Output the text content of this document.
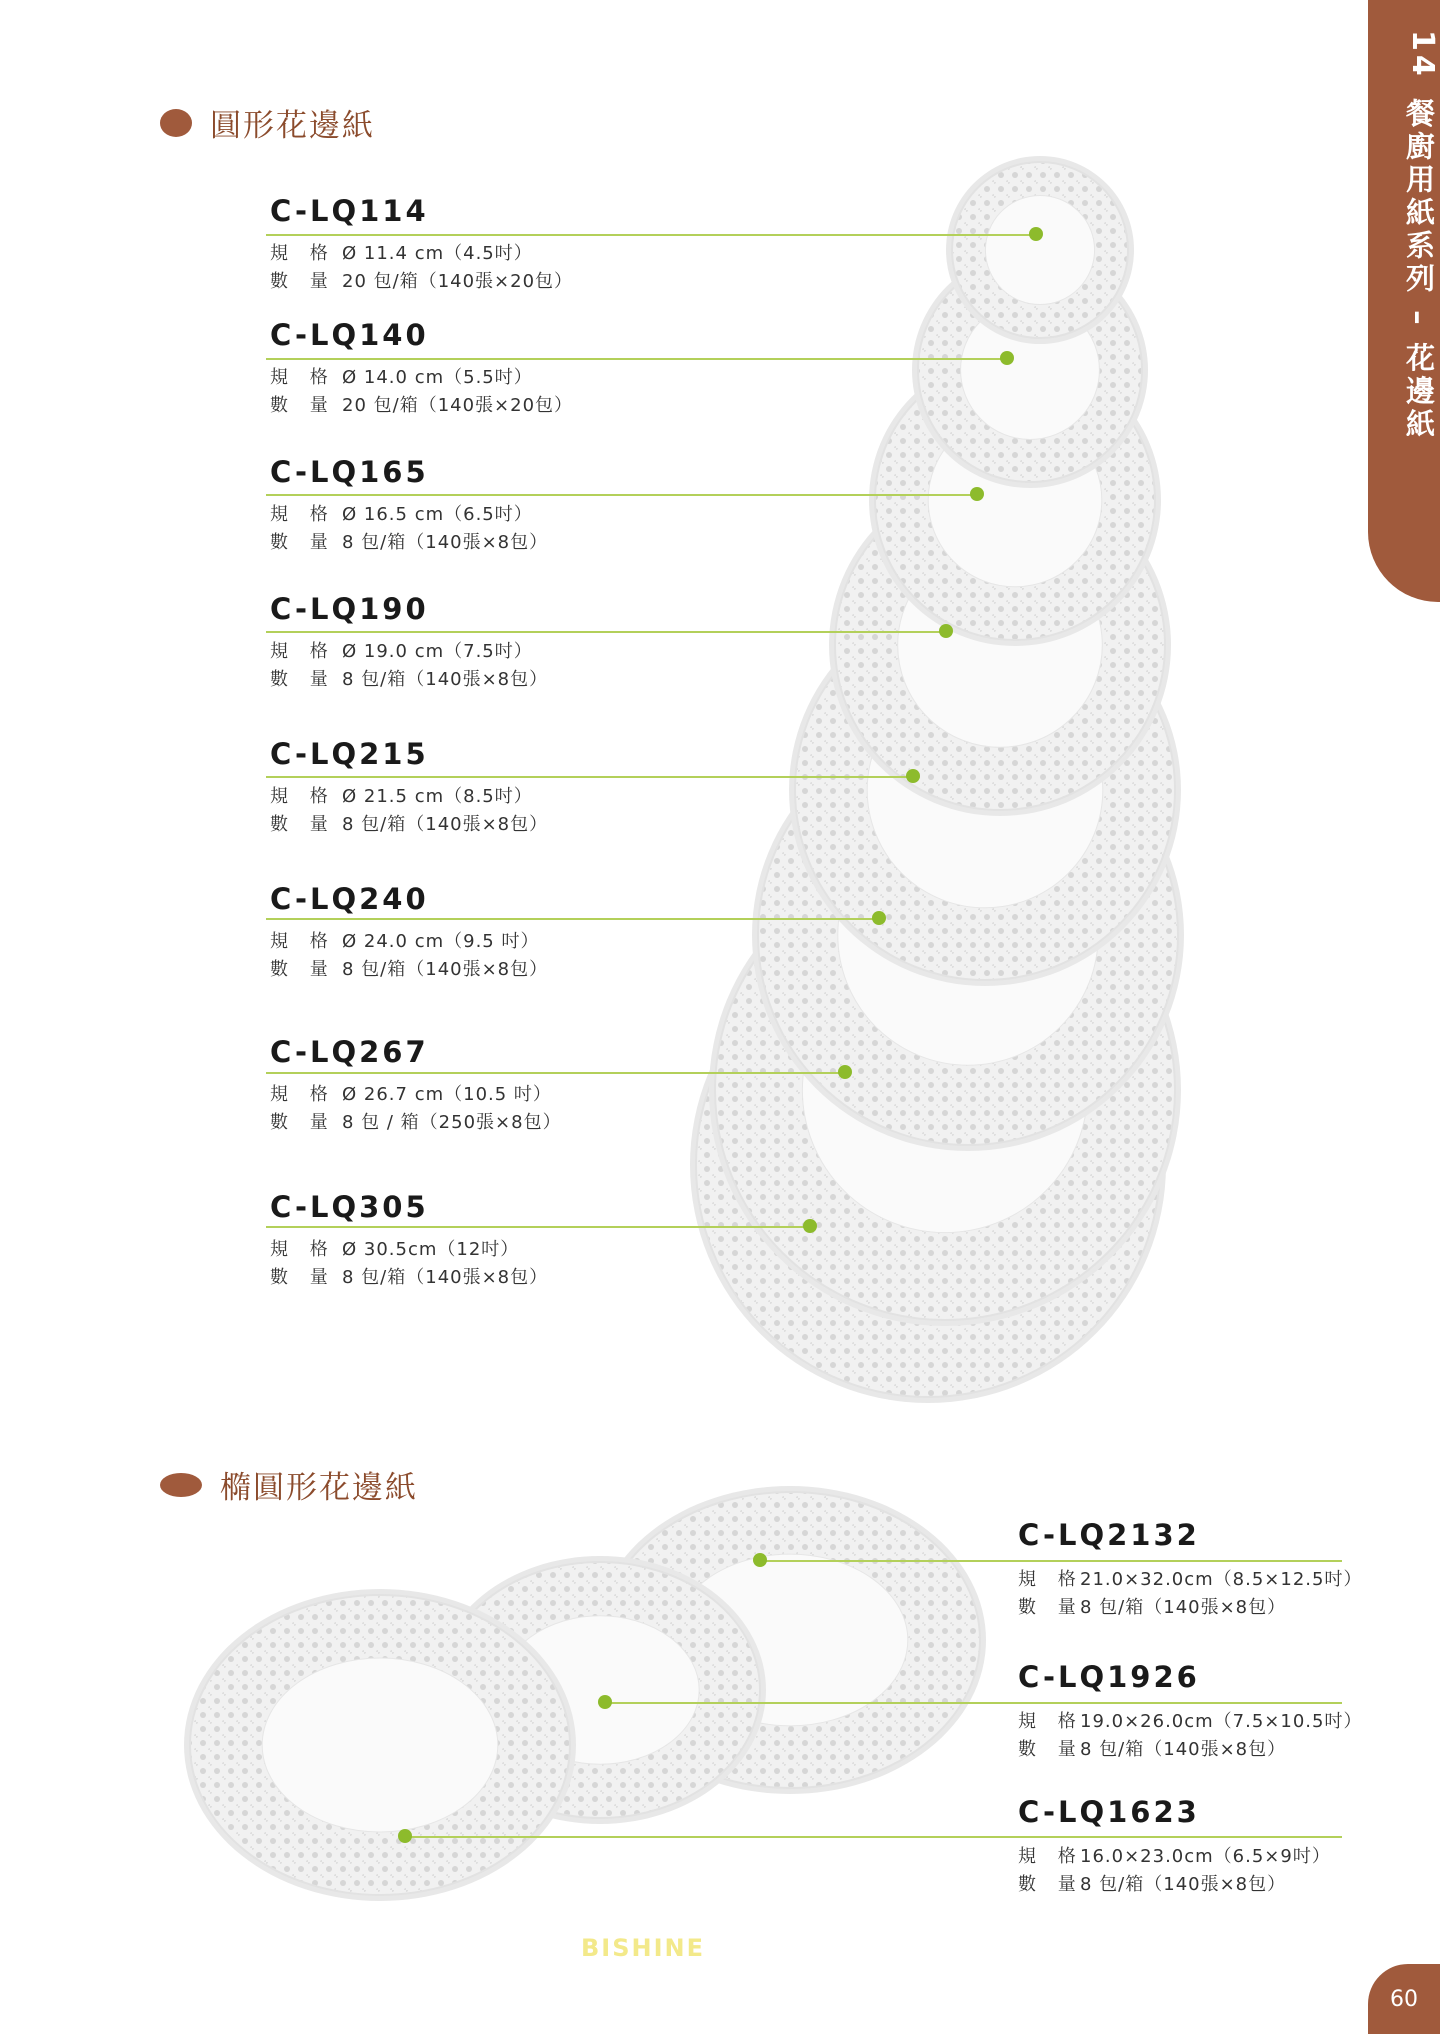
14
餐廚用紙系列 – 花邊紙
圓形花邊紙
C-LQ114
規 格 Ø 11.4 cm（4.5吋）
數 量 20 包/箱（140張×20包）
C-LQ140
規 格 Ø 14.0 cm（5.5吋）
數 量 20 包/箱（140張×20包）
C-LQ165
規 格 Ø 16.5 cm（6.5吋）
數 量 8 包/箱（140張×8包）
C-LQ190
規 格 Ø 19.0 cm（7.5吋）
數 量 8 包/箱（140張×8包）
C-LQ215
規 格 Ø 21.5 cm（8.5吋）
數 量 8 包/箱（140張×8包）
C-LQ240
規 格 Ø 24.0 cm（9.5 吋）
數 量 8 包/箱（140張×8包）
C-LQ267
規 格 Ø 26.7 cm（10.5 吋）
數 量 8 包 / 箱（250張×8包）
C-LQ305
規 格 Ø 30.5cm（12吋）
數 量 8 包/箱（140張×8包）
橢圓形花邊紙
C-LQ2132
規 格21.0×32.0cm（8.5×12.5吋）
數 量8 包/箱（140張×8包）
C-LQ1926
規 格19.0×26.0cm（7.5×10.5吋）
數 量8 包/箱（140張×8包）
C-LQ1623
規 格16.0×23.0cm（6.5×9吋）
數 量8 包/箱（140張×8包）
BISHINE
60
